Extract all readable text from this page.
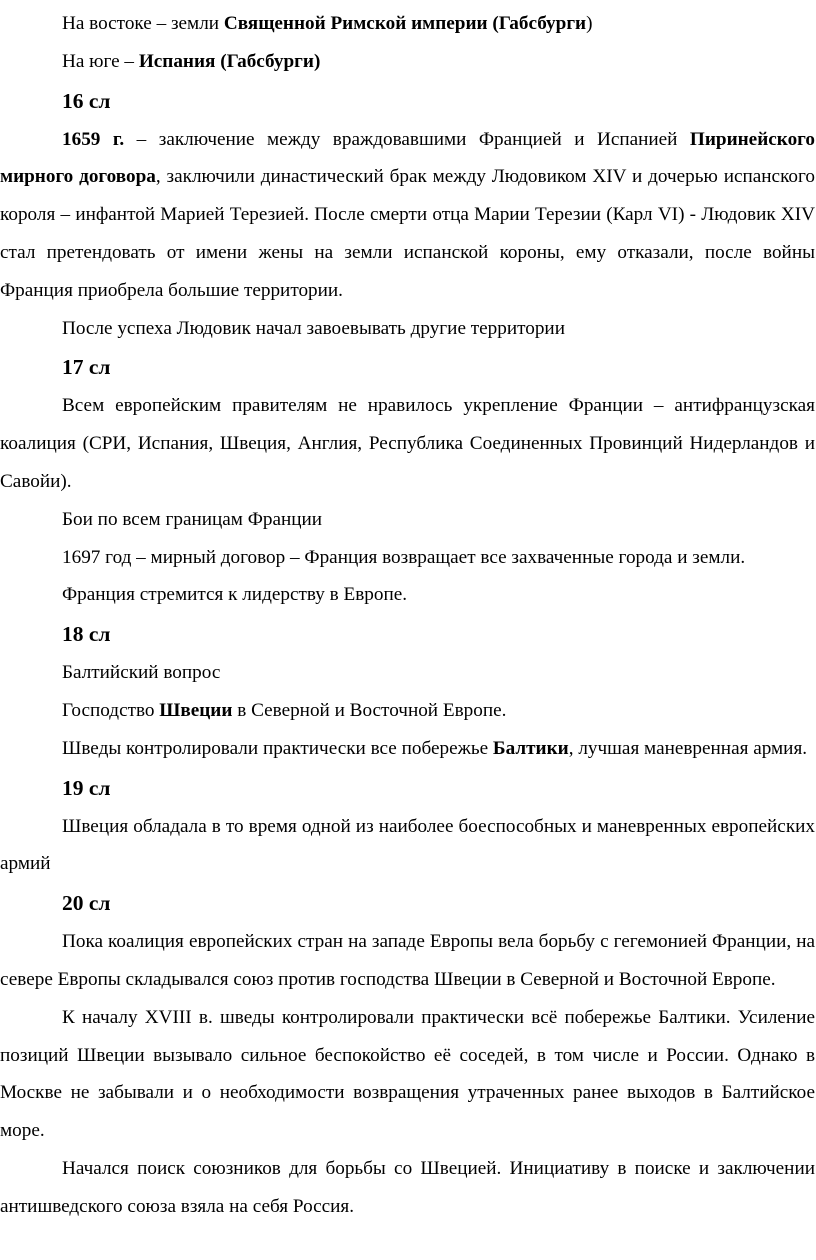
На востоке – земли Священной Римской империи (Габсбурги)

На юге – Испания (Габсбурги)

16 сл

1659 г. – заключение между враждовавшими Францией и Испанией Пиринейского мирного договора, заключили династический брак между Людовиком XIV и дочерью испанского короля – инфантой Марией Терезией. После смерти отца Марии Терезии (Карл VI) - Людовик XIV стал претендовать от имени жены на земли испанской короны, ему отказали, после войны Франция приобрела большие территории.

После успеха Людовик начал завоевывать другие территории

17 сл

Всем европейским правителям не нравилось укрепление Франции – антифранцузская коалиция (СРИ, Испания, Швеция, Англия, Республика Соединенных Провинций Нидерландов и Савойи).

Бои по всем границам Франции

1697 год – мирный договор – Франция возвращает все захваченные города и земли.

Франция стремится к лидерству в Европе.

18 сл

Балтийский вопрос

Господство Швеции в Северной и Восточной Европе.

Шведы контролировали практически все побережье Балтики, лучшая маневренная армия.

19 сл

Швеция обладала в то время одной из наиболее боеспособных и маневренных европейских армий

20 сл

Пока коалиция европейских стран на западе Европы вела борьбу с гегемонией Франции, на севере Европы складывался союз против господства Швеции в Северной и Восточной Европе.

К началу XVIII в. шведы контролировали практически всё побережье Балтики. Усиление позиций Швеции вызывало сильное беспокойство её соседей, в том числе и России. Однако в Москве не забывали и о необходимости возвращения утраченных ранее выходов в Балтийское море.

Начался поиск союзников для борьбы со Швецией. Инициативу в поиске и заключении антишведского союза взяла на себя Россия.
